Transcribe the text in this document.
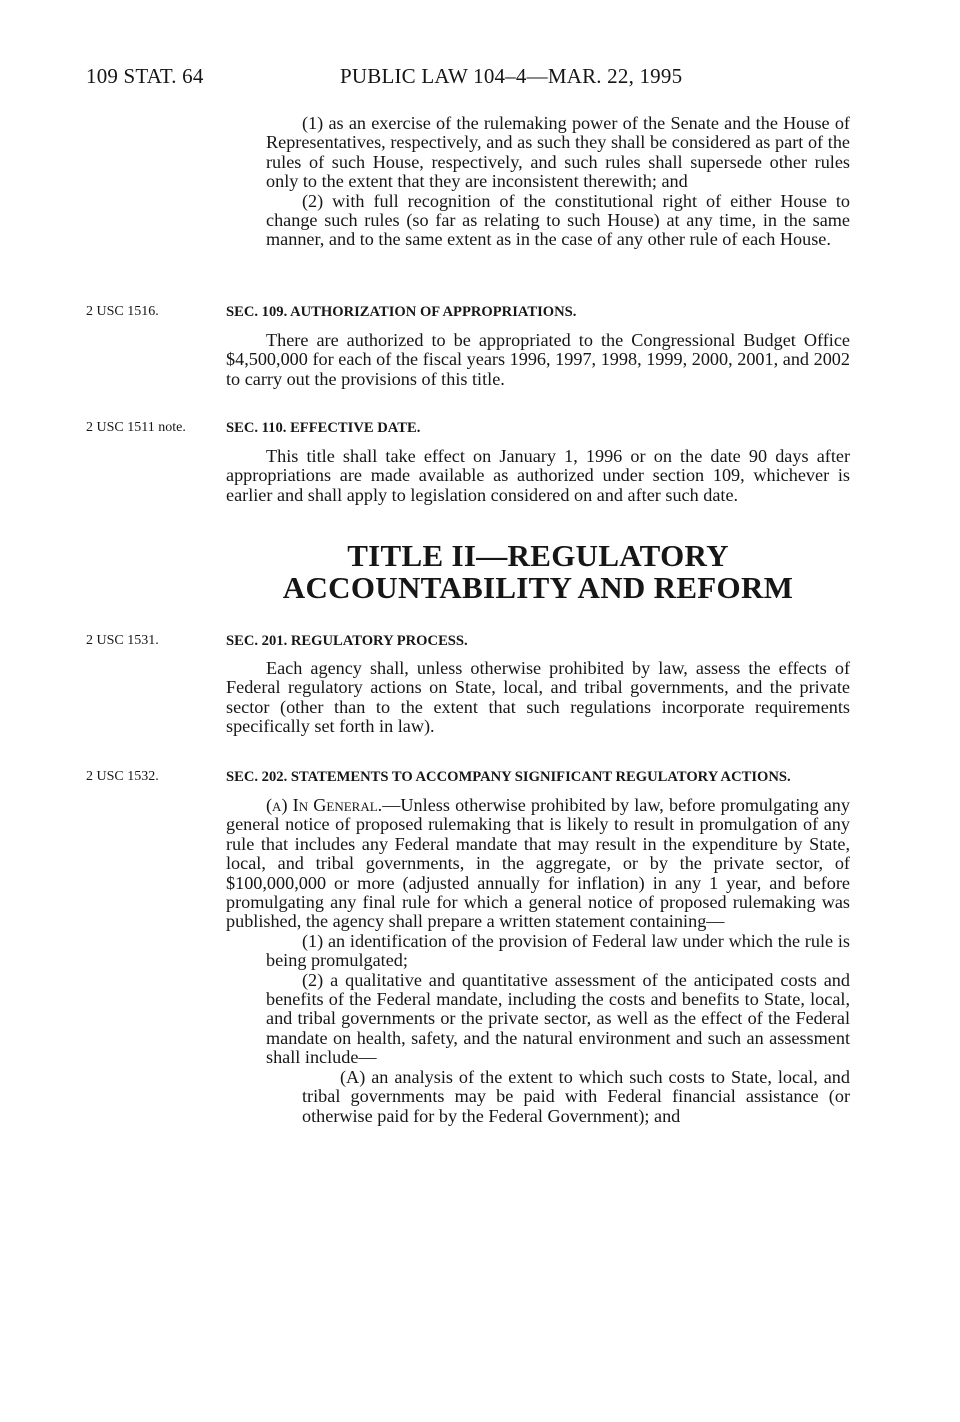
109 STAT. 64	PUBLIC LAW 104–4—MAR. 22, 1995

(1) as an exercise of the rulemaking power of the Senate and the House of Representatives, respectively, and as such they shall be considered as part of the rules of such House, respectively, and such rules shall supersede other rules only to the extent that they are inconsistent therewith; and

(2) with full recognition of the constitutional right of either House to change such rules (so far as relating to such House) at any time, in the same manner, and to the same extent as in the case of any other rule of each House.

2 USC 1516.	SEC. 109. AUTHORIZATION OF APPROPRIATIONS.

There are authorized to be appropriated to the Congressional Budget Office $4,500,000 for each of the fiscal years 1996, 1997, 1998, 1999, 2000, 2001, and 2002 to carry out the provisions of this title.

2 USC 1511 note.	SEC. 110. EFFECTIVE DATE.

This title shall take effect on January 1, 1996 or on the date 90 days after appropriations are made available as authorized under section 109, whichever is earlier and shall apply to legislation considered on and after such date.

TITLE II—REGULATORY
ACCOUNTABILITY AND REFORM
2 USC 1531.	SEC. 201. REGULATORY PROCESS.

Each agency shall, unless otherwise prohibited by law, assess the effects of Federal regulatory actions on State, local, and tribal governments, and the private sector (other than to the extent that such regulations incorporate requirements specifically set forth in law).

2 USC 1532.	SEC. 202. STATEMENTS TO ACCOMPANY SIGNIFICANT REGULATORY ACTIONS.

(a) In General.—Unless otherwise prohibited by law, before promulgating any general notice of proposed rulemaking that is likely to result in promulgation of any rule that includes any Federal mandate that may result in the expenditure by State, local, and tribal governments, in the aggregate, or by the private sector, of $100,000,000 or more (adjusted annually for inflation) in any 1 year, and before promulgating any final rule for which a general notice of proposed rulemaking was published, the agency shall prepare a written statement containing—

(1) an identification of the provision of Federal law under which the rule is being promulgated;

(2) a qualitative and quantitative assessment of the anticipated costs and benefits of the Federal mandate, including the costs and benefits to State, local, and tribal governments or the private sector, as well as the effect of the Federal mandate on health, safety, and the natural environment and such an assessment shall include—

(A) an analysis of the extent to which such costs to State, local, and tribal governments may be paid with Federal financial assistance (or otherwise paid for by the Federal Government); and
